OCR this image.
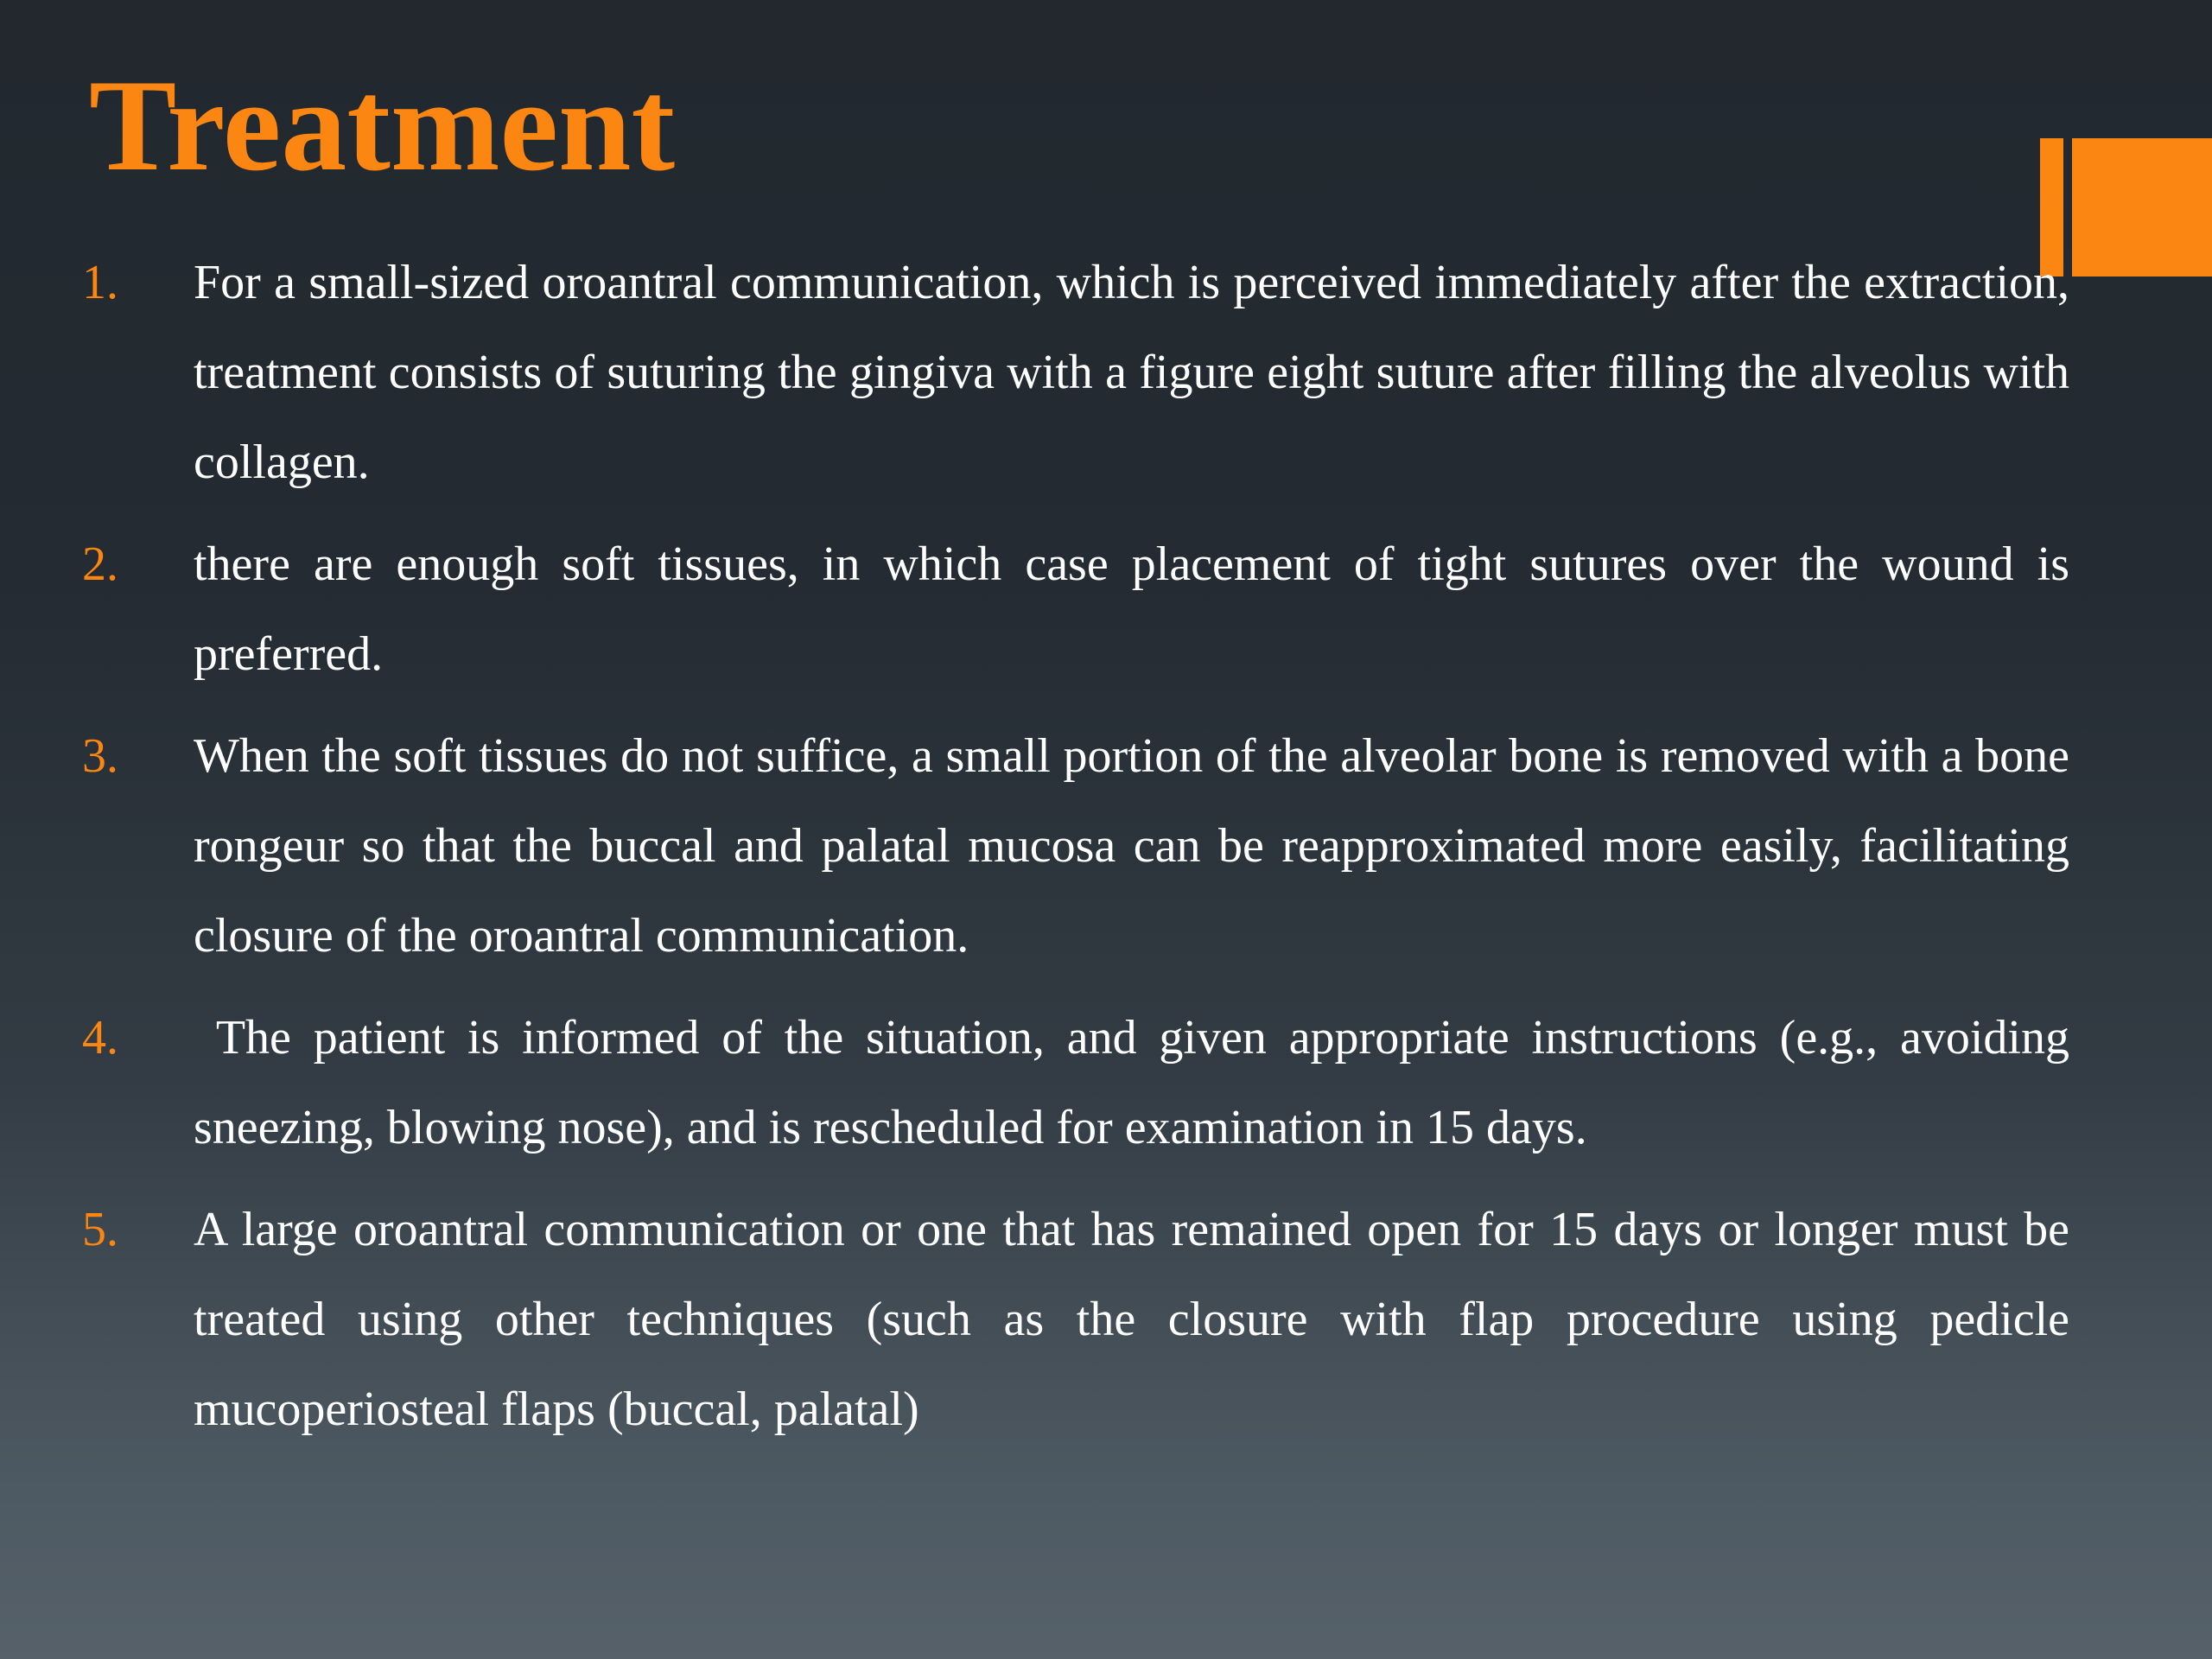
Treatment
1. For a small-sized oroantral communication, which is perceived immediately after the extraction, treatment consists of suturing the gingiva with a figure eight suture after filling the alveolus with collagen.
2. there are enough soft tissues, in which case placement of tight sutures over the wound is preferred.
3. When the soft tissues do not suffice, a small portion of the alveolar bone is removed with a bone rongeur so that the buccal and palatal mucosa can be reapproximated more easily, facilitating closure of the oroantral communication.
4. The patient is informed of the situation, and given appropriate instructions (e.g., avoiding sneezing, blowing nose), and is rescheduled for examination in 15 days.
5. A large oroantral communication or one that has remained open for 15 days or longer must be treated using other techniques (such as the closure with flap procedure using pedicle mucoperiosteal flaps (buccal, palatal)
